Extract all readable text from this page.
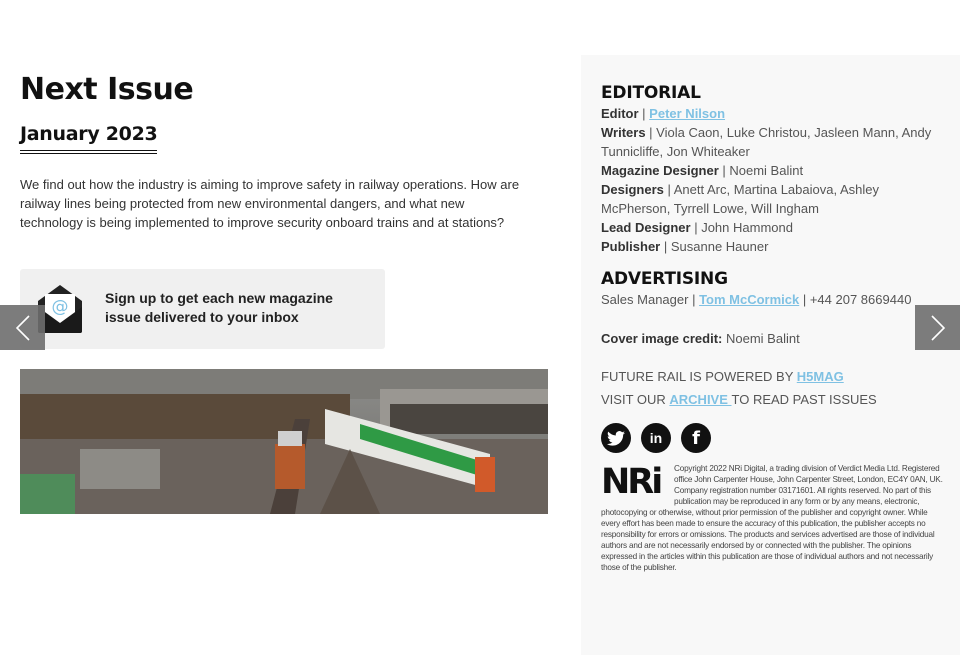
Next Issue
January 2023

We find out how the industry is aiming to improve safety in railway operations. How are railway lines being protected from new environmental dangers, and what new technology is being implemented to improve security onboard trains and at stations?

@	Sign up to get each new magazine issue delivered to your inbox
EDITORIAL
Editor | Peter Nilson
Writers | Viola Caon, Luke Christou, Jasleen Mann, Andy Tunnicliffe, Jon Whiteaker
Magazine Designer | Noemi Balint
Designers | Anett Arc, Martina Labaiova, Ashley McPherson, Tyrrell Lowe, Will Ingham
Lead Designer | John Hammond
Publisher | Susanne Hauner
ADVERTISING
Sales Manager | Tom McCormick | +44 207 8669440
Cover image credit: Noemi Balint
FUTURE RAIL IS POWERED BY H5MAG
VISIT OUR ARCHIVE TO READ PAST ISSUES
in	f
NRi	Copyright 2022 NRi Digital, a trading division of Verdict Media Ltd. Registered office John Carpenter House, John Carpenter Street, London, EC4Y 0AN, UK. Company registration number 03171601. All rights reserved. No part of this publication may be reproduced in any form or by any means, electronic, photocopying or otherwise, without prior permission of the publisher and copyright owner. While every effort has been made to ensure the accuracy of this publication, the publisher accepts no responsibility for errors or omissions. The products and services advertised are those of individual authors and are not necessarily endorsed by or connected with the publisher. The opinions expressed in the articles within this publication are those of individual authors and not necessarily those of the publisher.
